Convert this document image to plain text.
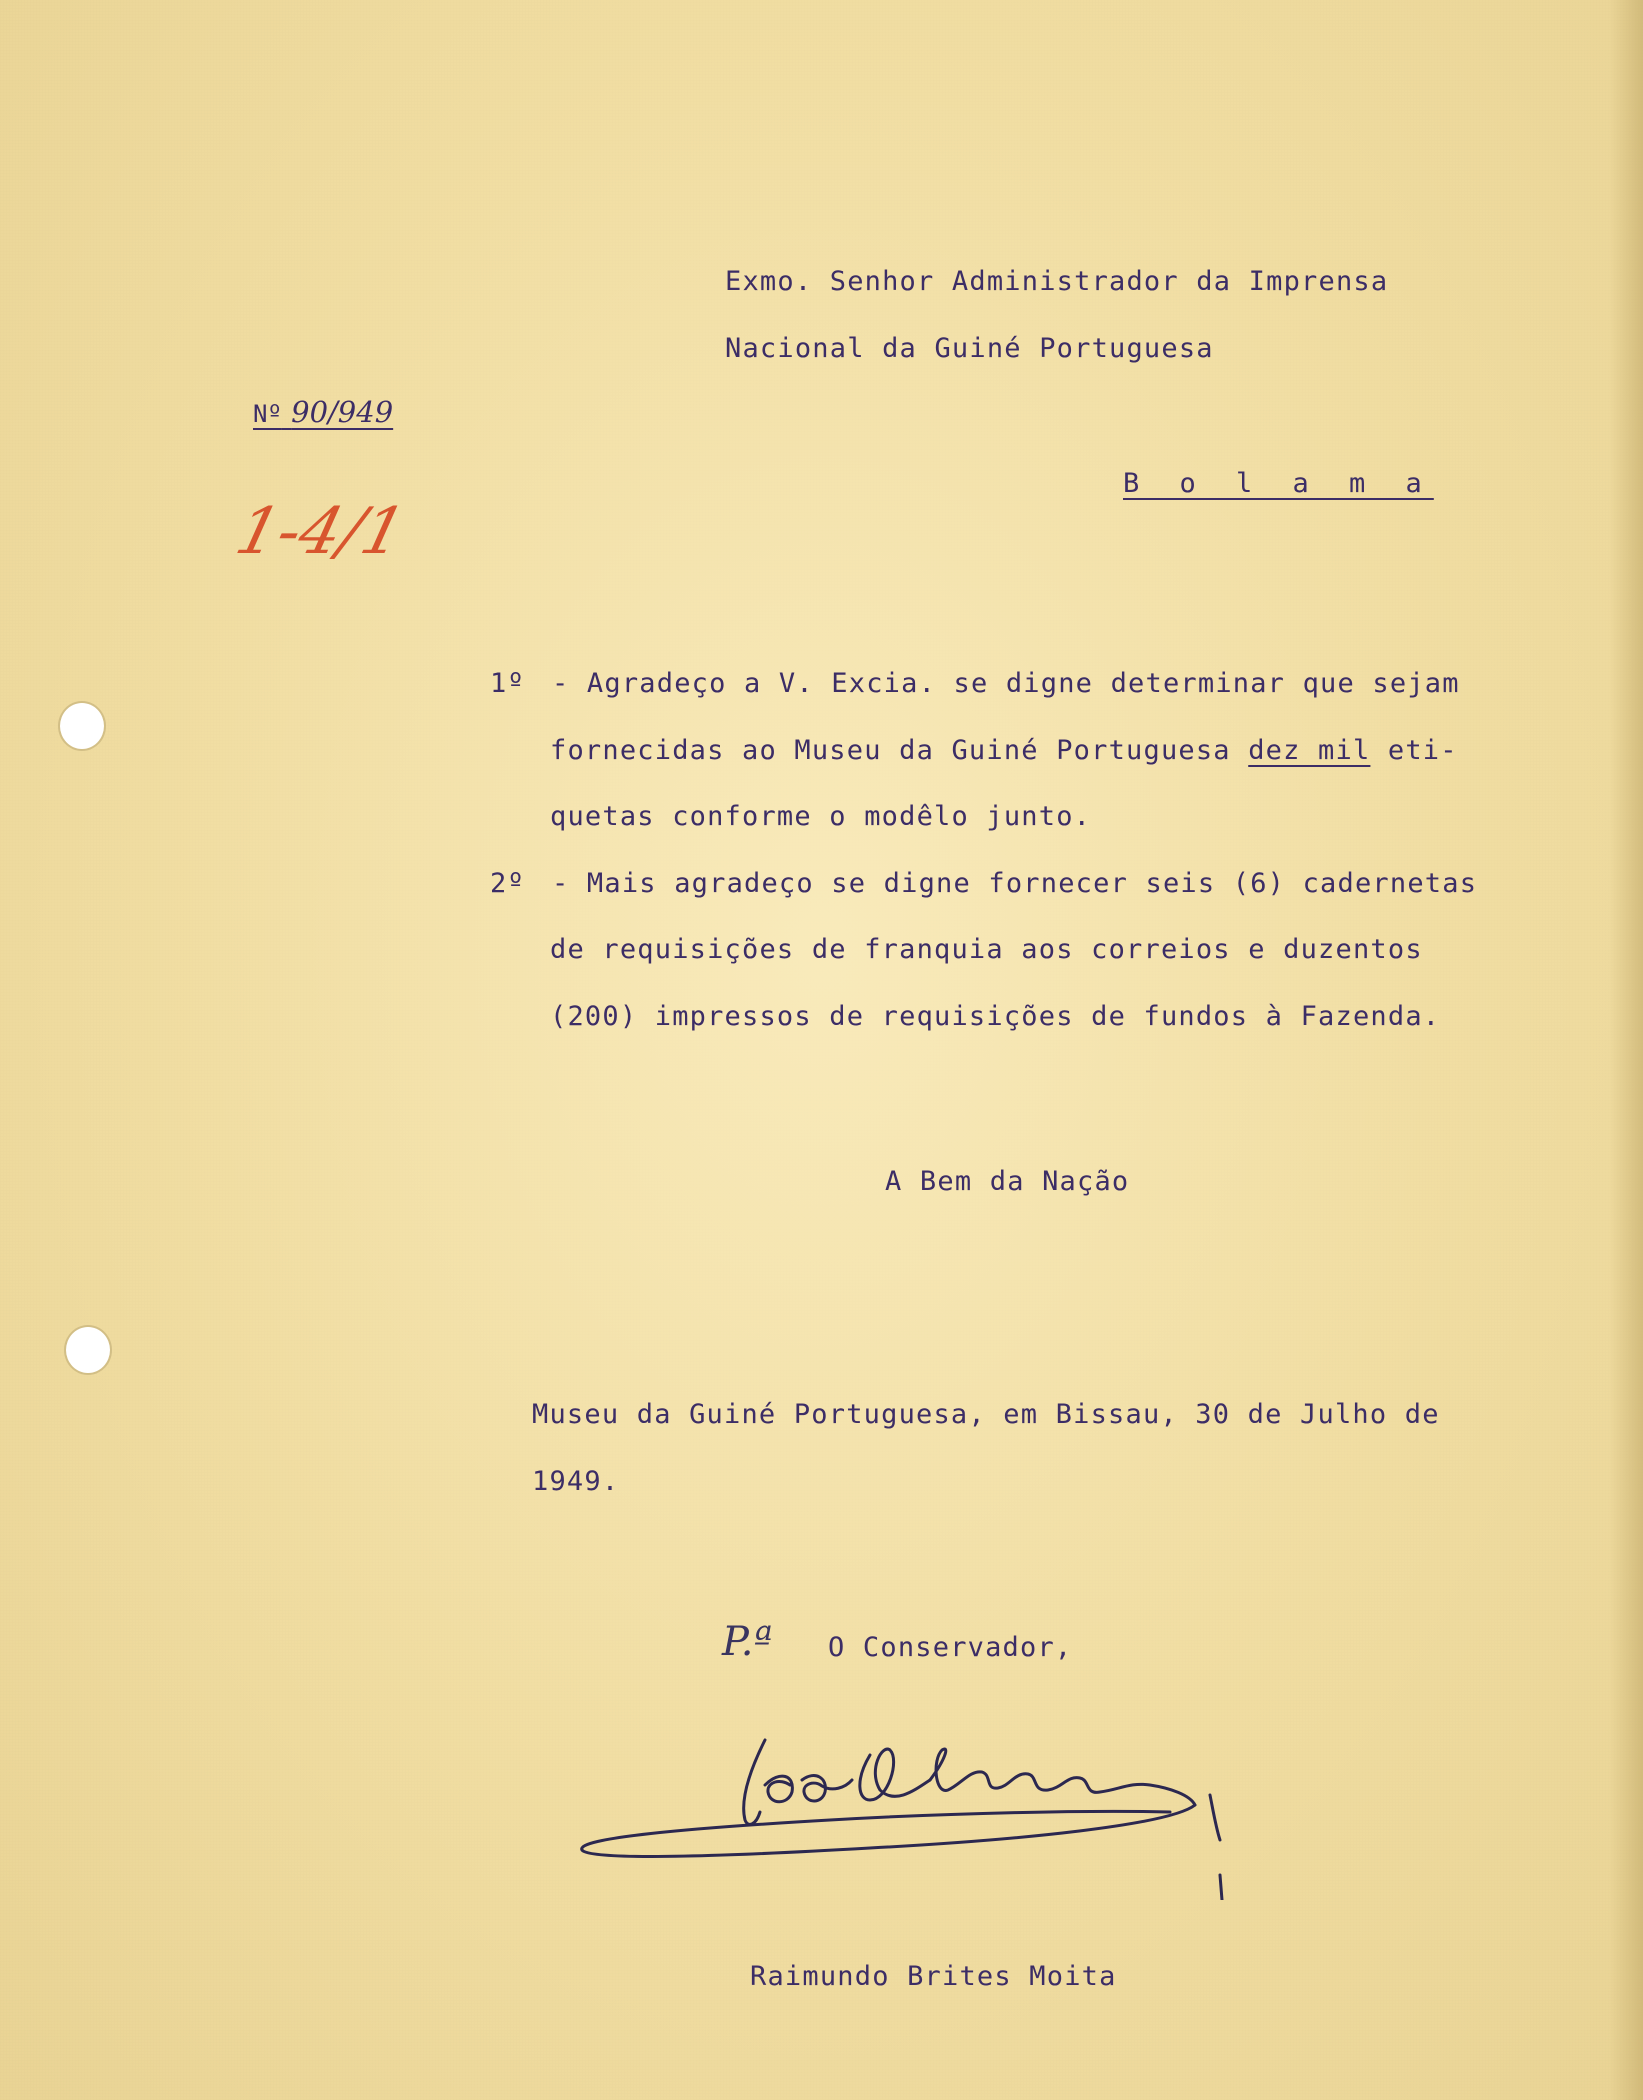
Exmo. Senhor Administrador da Imprensa
Nacional da Guiné Portuguesa
Nº 90/949
1-4/1
B o l a m a
1º - Agradeço a V. Excia. se digne determinar que sejam
fornecidas ao Museu da Guiné Portuguesa dez mil eti-
quetas conforme o modêlo junto.
2º - Mais agradeço se digne fornecer seis (6) cadernetas
de requisições de franquia aos correios e duzentos
(200) impressos de requisições de fundos à Fazenda.
A Bem da Nação
Museu da Guiné Portuguesa, em Bissau, 30 de Julho de
1949.
P.ª O Conservador,
Raimundo Brites Moita
